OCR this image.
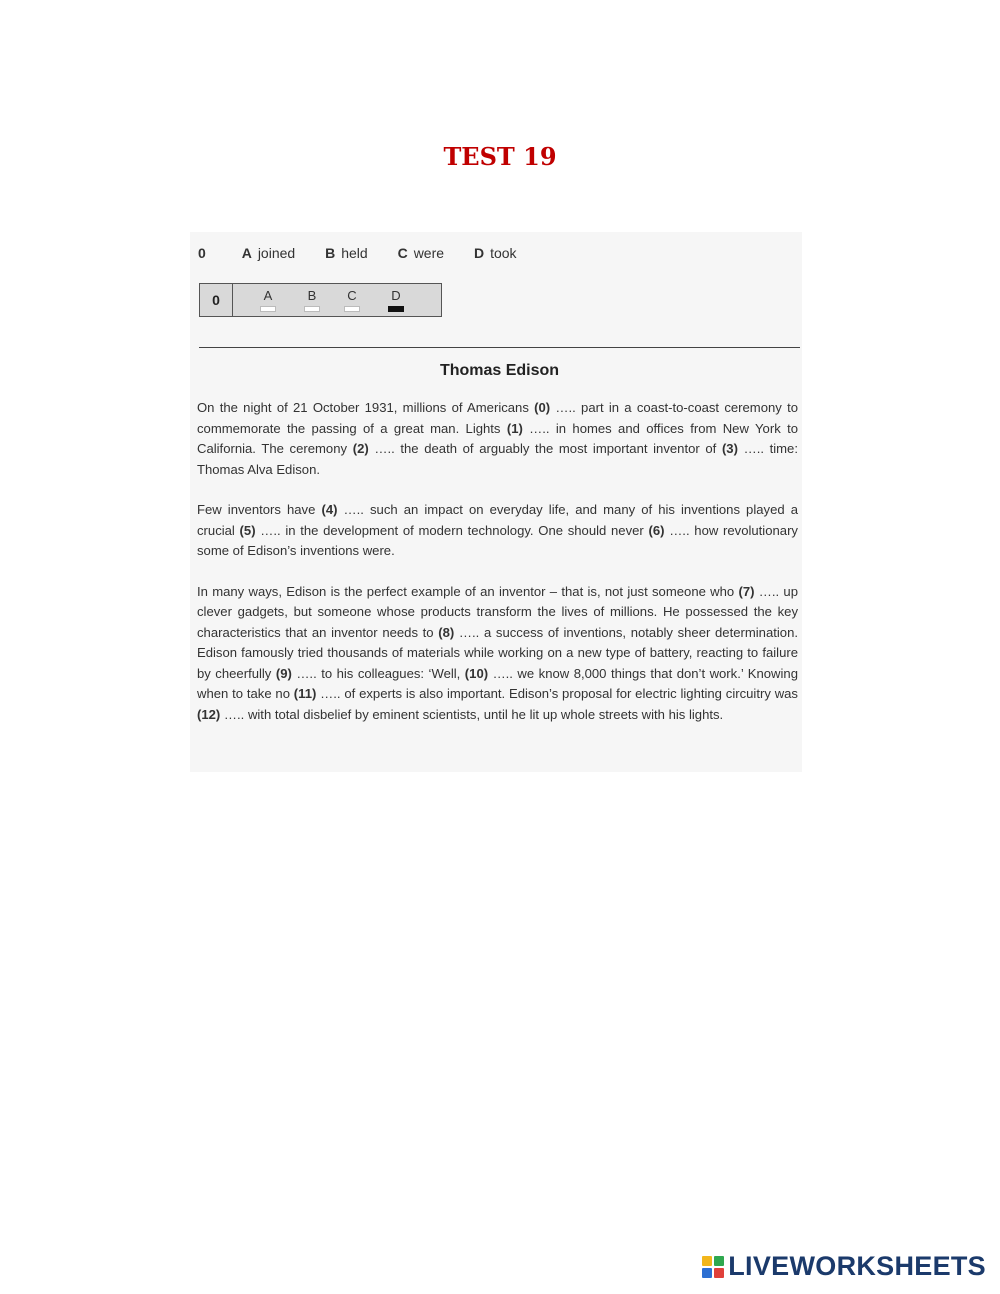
TEST 19
0	A joined B held C were D took
0	A	B	C	D
Thomas Edison

On the night of 21 October 1931, millions of Americans (0) ….. part in a coast-to-coast ceremony to commemorate the passing of a great man. Lights (1) ….. in homes and offices from New York to California. The ceremony (2) ….. the death of arguably the most important inventor of (3) ….. time: Thomas Alva Edison.

Few inventors have (4) ….. such an impact on everyday life, and many of his inventions played a crucial (5) ….. in the development of modern technology. One should never (6) ….. how revolutionary some of Edison’s inventions were.

In many ways, Edison is the perfect example of an inventor – that is, not just someone who (7) ….. up clever gadgets, but someone whose products transform the lives of millions. He possessed the key characteristics that an inventor needs to (8) ….. a success of inventions, notably sheer determination. Edison famously tried thousands of materials while working on a new type of battery, reacting to failure by cheerfully (9) ….. to his colleagues: ‘Well, (10) ….. we know 8,000 things that don’t work.’ Knowing when to take no (11) ….. of experts is also important. Edison’s proposal for electric lighting circuitry was (12) ….. with total disbelief by eminent scientists, until he lit up whole streets with his lights.

LIVEWORKSHEETS
